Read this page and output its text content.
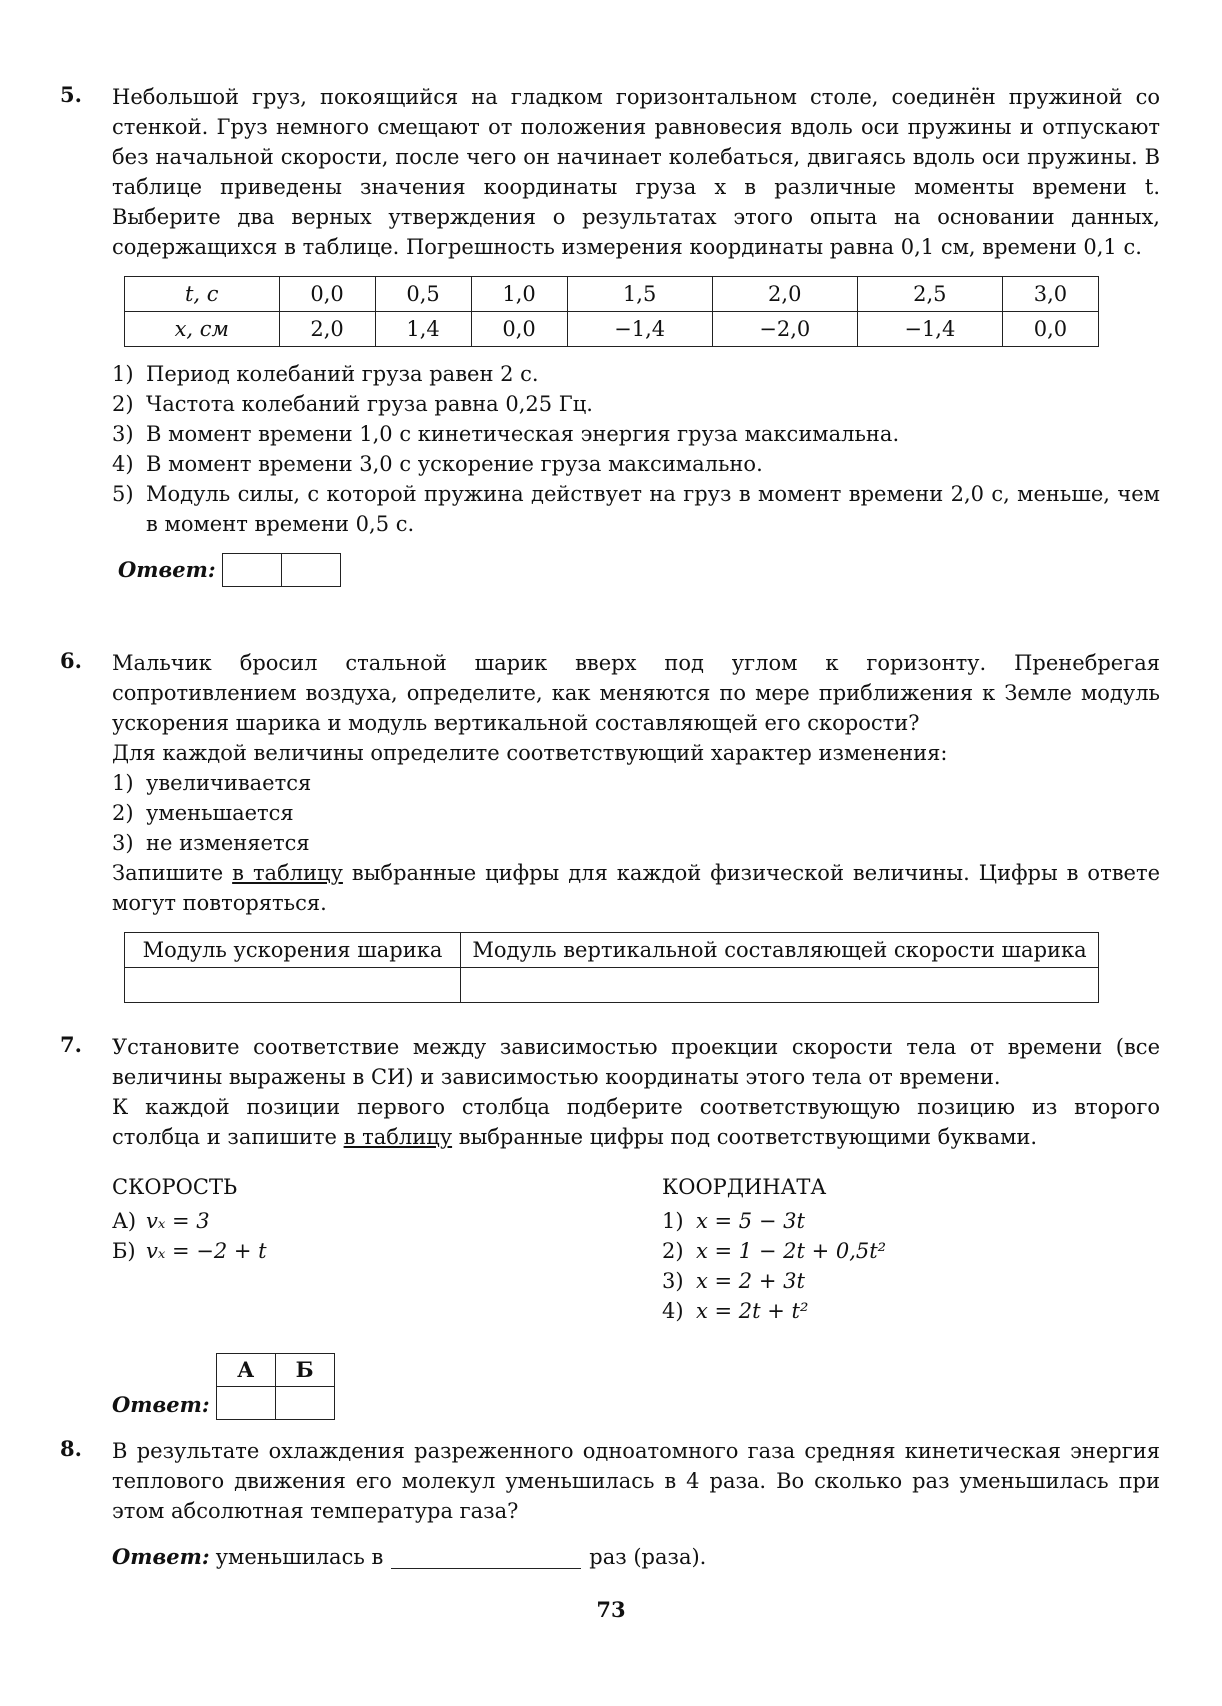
5. Небольшой груз, покоящийся на гладком горизонтальном столе, соединён пружиной со стенкой. Груз немного смещают от положения равновесия вдоль оси пружины и отпускают без начальной скорости, после чего он начинает колебаться, двигаясь вдоль оси пружины. В таблице приведены значения координаты груза x в различные моменты времени t. Выберите два верных утверждения о результатах этого опыта на основании данных, содержащихся в таблице. Погрешность измерения координаты равна 0,1 см, времени 0,1 с.

t, с	0,0	0,5	1,0	1,5	2,0	2,5	3,0
x, см	2,0	1,4	0,0	−1,4	−2,0	−1,4	0,0
1) Период колебаний груза равен 2 с.
2) Частота колебаний груза равна 0,25 Гц.
3) В момент времени 1,0 с кинетическая энергия груза максимальна.
4) В момент времени 3,0 с ускорение груза максимально.
5) Модуль силы, с которой пружина действует на груз в момент времени 2,0 с, меньше, чем в момент времени 0,5 с.
Ответ:
6. Мальчик бросил стальной шарик вверх под углом к горизонту. Пренебрегая сопротивлением воздуха, определите, как меняются по мере приближения к Земле модуль ускорения шарика и модуль вертикальной составляющей его скорости?

Для каждой величины определите соответствующий характер изменения:

1) увеличивается
2) уменьшается
3) не изменяется

Запишите в таблицу выбранные цифры для каждой физической величины. Цифры в ответе могут повторяться.

Модуль ускорения шарика	Модуль вертикальной составляющей скорости шарика

7. Установите соответствие между зависимостью проекции скорости тела от времени (все величины выражены в СИ) и зависимостью координаты этого тела от времени.

К каждой позиции первого столбца подберите соответствующую позицию из второго столбца и запишите в таблицу выбранные цифры под соответствующими буквами.

СКОРОСТЬ
А) vₓ = 3
Б) vₓ = −2 + t
КООРДИНАТА
1) x = 5 − 3t
2) x = 1 − 2t + 0,5t²
3) x = 2 + 3t
4) x = 2t + t²
Ответ:
А	Б

8. В результате охлаждения разреженного одноатомного газа средняя кинетическая энергия теплового движения его молекул уменьшилась в 4 раза. Во сколько раз уменьшилась при этом абсолютная температура газа?

Ответ: уменьшилась в	раз (раза).
73
